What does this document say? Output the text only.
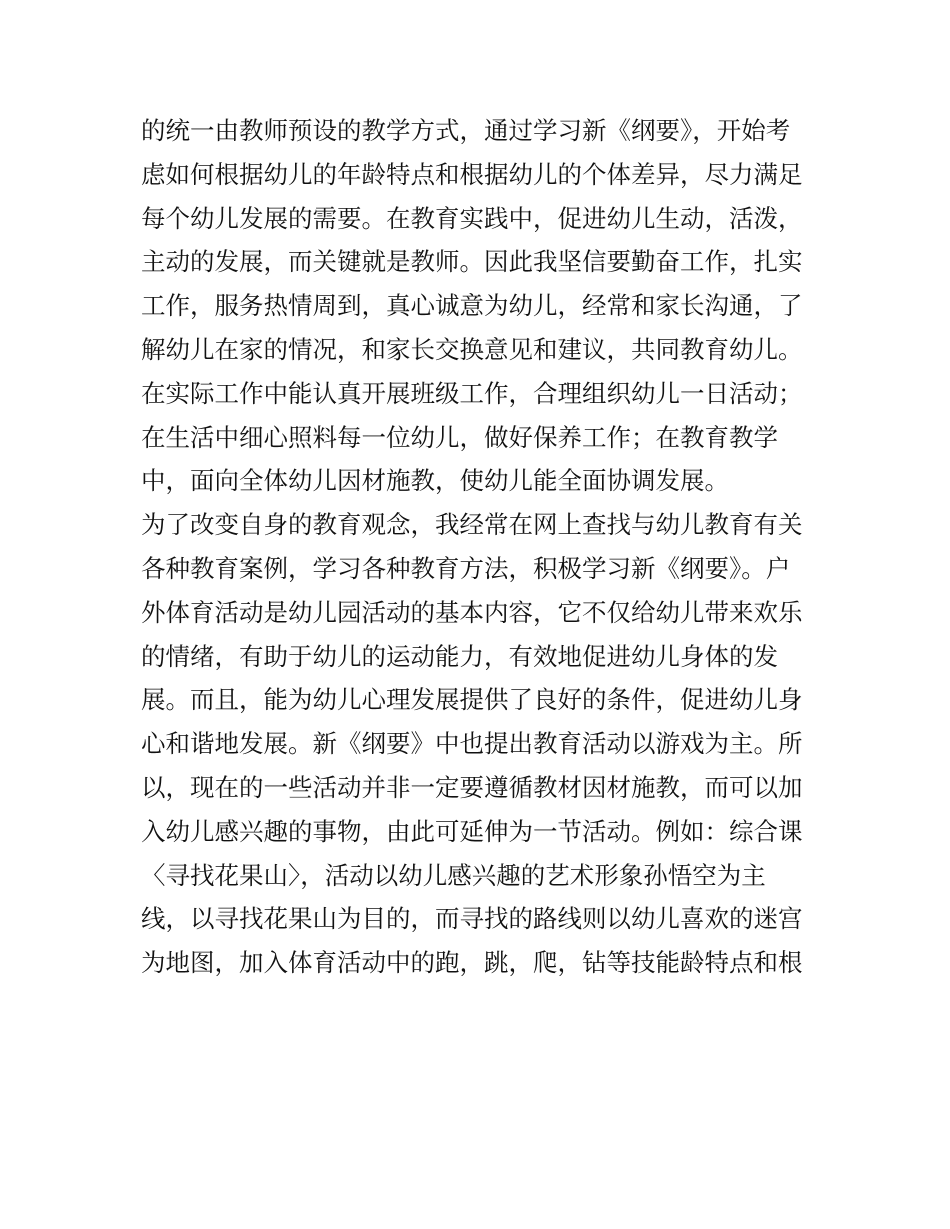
的统一由教师预设的教学方式，通过学习新《纲要》，开始考
虑如何根据幼儿的年龄特点和根据幼儿的个体差异，尽力满足
每个幼儿发展的需要。在教育实践中，促进幼儿生动，活泼，
主动的发展，而关键就是教师。因此我坚信要勤奋工作，扎实
工作，服务热情周到，真心诚意为幼儿，经常和家长沟通，了
解幼儿在家的情况，和家长交换意见和建议，共同教育幼儿。
在实际工作中能认真开展班级工作，合理组织幼儿一日活动；
在生活中细心照料每一位幼儿，做好保养工作；在教育教学
中，面向全体幼儿因材施教，使幼儿能全面协调发展。
为了改变自身的教育观念，我经常在网上查找与幼儿教育有关
各种教育案例，学习各种教育方法，积极学习新《纲要》。户
外体育活动是幼儿园活动的基本内容，它不仅给幼儿带来欢乐
的情绪，有助于幼儿的运动能力，有效地促进幼儿身体的发
展。而且，能为幼儿心理发展提供了良好的条件，促进幼儿身
心和谐地发展。新《纲要》中也提出教育活动以游戏为主。所
以，现在的一些活动并非一定要遵循教材因材施教，而可以加
入幼儿感兴趣的事物，由此可延伸为一节活动。例如：综合课
〈寻找花果山〉，活动以幼儿感兴趣的艺术形象孙悟空为主
线，以寻找花果山为目的，而寻找的路线则以幼儿喜欢的迷宫
为地图，加入体育活动中的跑，跳，爬，钻等技能龄特点和根
